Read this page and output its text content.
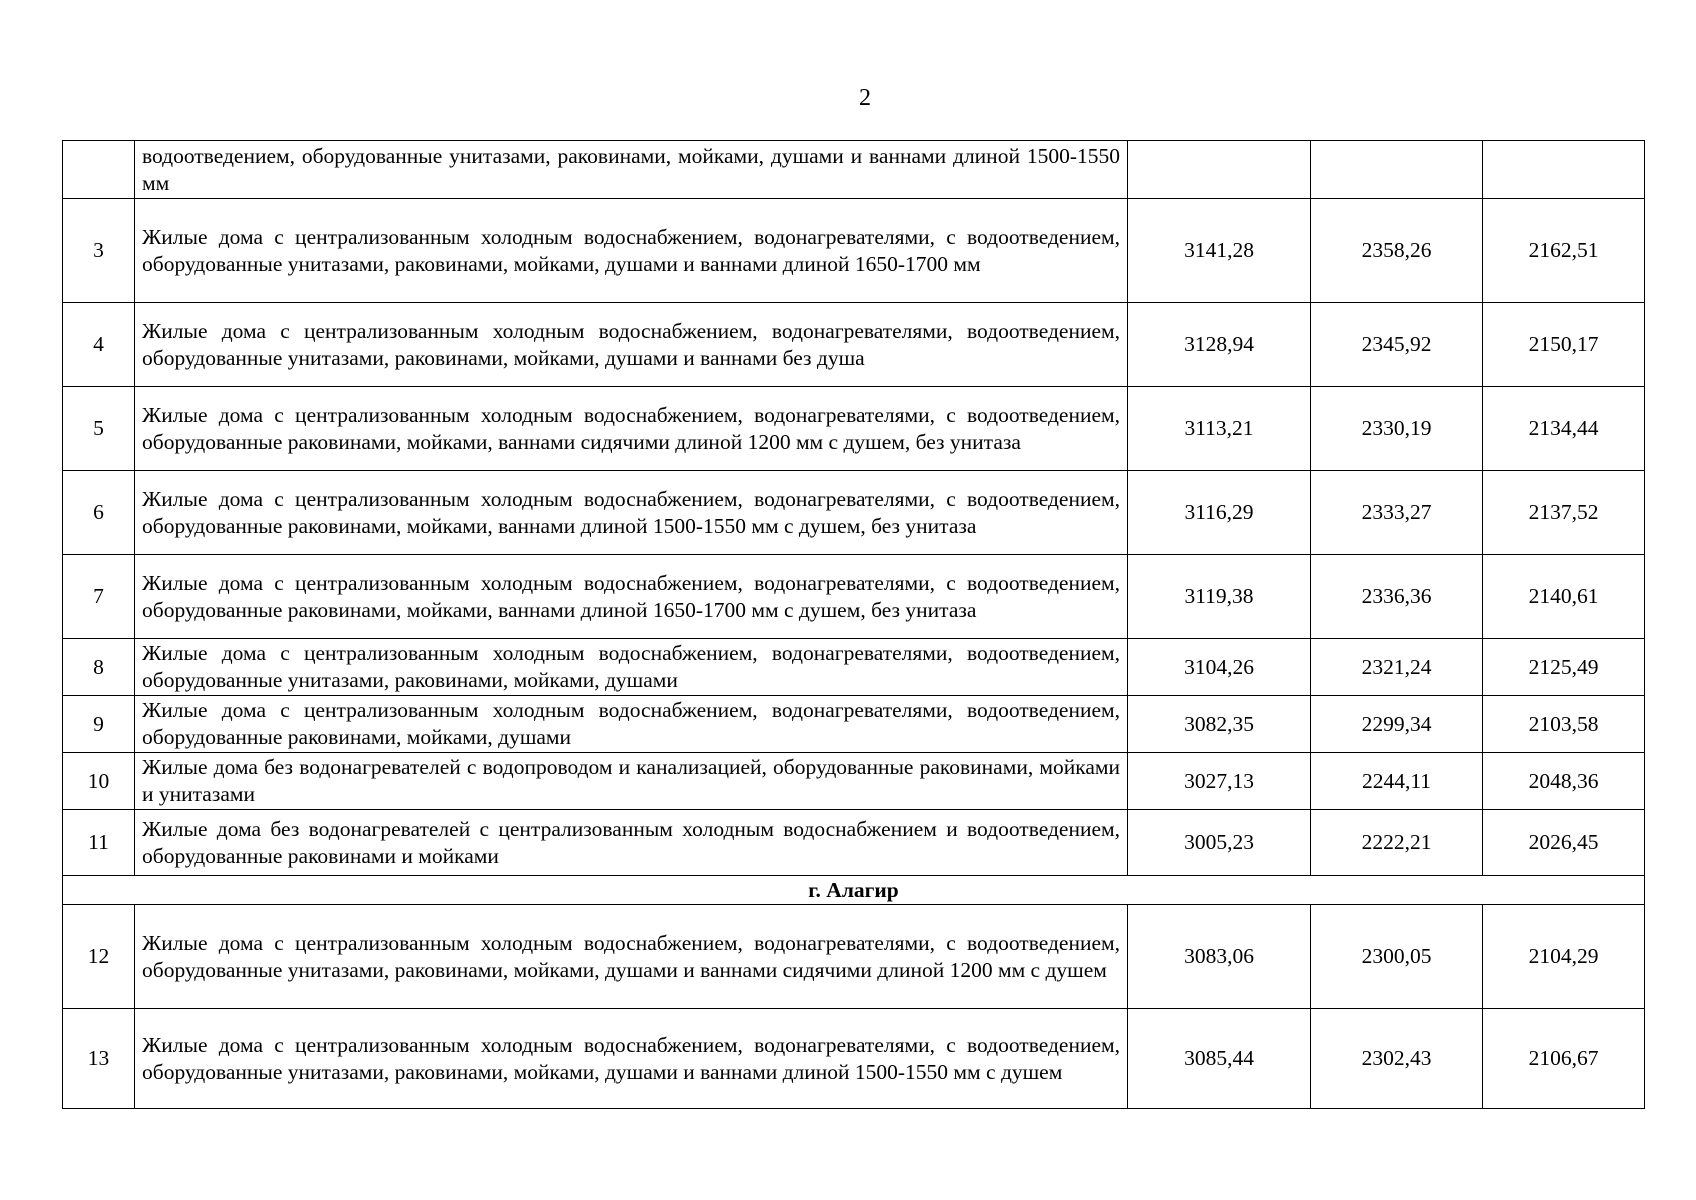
2
	водоотведением, оборудованные унитазами, раковинами, мойками, душами и ваннами длиной 1500-1550 мм			
3	Жилые дома с централизованным холодным водоснабжением, водонагревателями, с водоотведением, оборудованные унитазами, раковинами, мойками, душами и ваннами длиной 1650-1700 мм	3141,28	2358,26	2162,51
4	Жилые дома с централизованным холодным водоснабжением, водонагревателями, водоотведением, оборудованные унитазами, раковинами, мойками, душами и ваннами без душа	3128,94	2345,92	2150,17
5	Жилые дома с централизованным холодным водоснабжением, водонагревателями, с водоотведением, оборудованные раковинами, мойками, ваннами сидячими длиной 1200 мм с душем, без унитаза	3113,21	2330,19	2134,44
6	Жилые дома с централизованным холодным водоснабжением, водонагревателями, с водоотведением, оборудованные раковинами, мойками, ваннами длиной 1500-1550 мм с душем, без унитаза	3116,29	2333,27	2137,52
7	Жилые дома с централизованным холодным водоснабжением, водонагревателями, с водоотведением, оборудованные раковинами, мойками, ваннами длиной 1650-1700 мм с душем, без унитаза	3119,38	2336,36	2140,61
8	Жилые дома с централизованным холодным водоснабжением, водонагревателями, водоотведением, оборудованные унитазами, раковинами, мойками, душами	3104,26	2321,24	2125,49
9	Жилые дома с централизованным холодным водоснабжением, водонагревателями, водоотведением, оборудованные раковинами, мойками, душами	3082,35	2299,34	2103,58
10	Жилые дома без водонагревателей с водопроводом и канализацией, оборудованные раковинами, мойками и унитазами	3027,13	2244,11	2048,36
11	Жилые дома без водонагревателей с централизованным холодным водоснабжением и водоотведением, оборудованные раковинами и мойками	3005,23	2222,21	2026,45
г. Алагир				
12	Жилые дома с централизованным холодным водоснабжением, водонагревателями, с водоотведением, оборудованные унитазами, раковинами, мойками, душами и ваннами сидячими длиной 1200 мм с душем	3083,06	2300,05	2104,29
13	Жилые дома с централизованным холодным водоснабжением, водонагревателями, с водоотведением, оборудованные унитазами, раковинами, мойками, душами и ваннами длиной 1500-1550 мм с душем	3085,44	2302,43	2106,67
